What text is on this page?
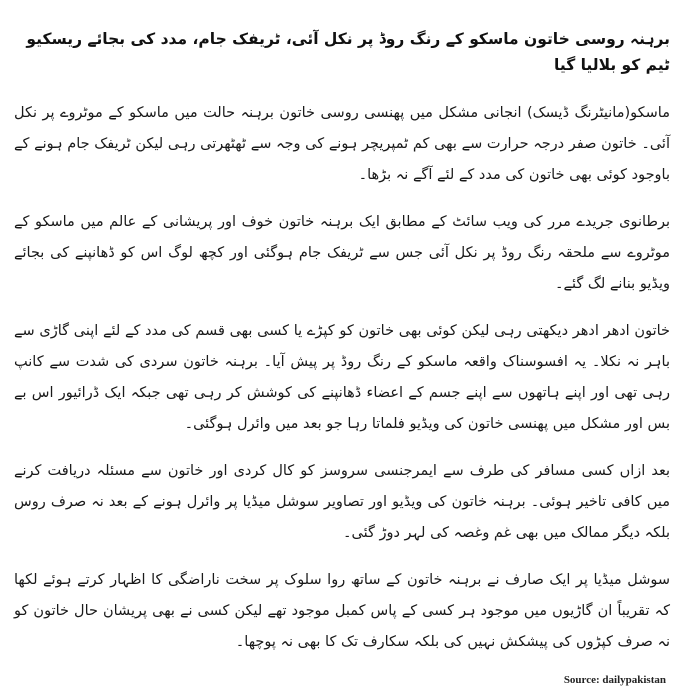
برہنہ روسی خاتون ماسکو کے رنگ روڈ پر نکل آئی، ٹریفک جام، مدد کی بجائے ریسکیو ٹیم کو بلالیا گیا
ماسکو(مانیٹرنگ ڈیسک) انجانی مشکل میں پھنسی روسی خاتون برہنہ حالت میں ماسکو کے موٹروے پر نکل آئی۔ خاتون صفر درجہ حرارت سے بھی کم ٹمپریچر ہونے کی وجہ سے ٹھٹھرتی رہی لیکن ٹریفک جام ہونے کے باوجود کوئی بھی خاتون کی مدد کے لئے آگے نہ بڑھا۔
برطانوی جریدے مرر کی ویب سائٹ کے مطابق ایک برہنہ خاتون خوف اور پریشانی کے عالم میں ماسکو کے موٹروے سے ملحقہ رنگ روڈ پر نکل آئی جس سے ٹریفک جام ہوگئی اور کچھ لوگ اس کو ڈھانپنے کی بجائے ویڈیو بنانے لگ گئے۔
خاتون ادھر ادھر دیکھتی رہی لیکن کوئی بھی خاتون کو کپڑے یا کسی بھی قسم کی مدد کے لئے اپنی گاڑی سے باہر نہ نکلا۔ یہ افسوسناک واقعہ ماسکو کے رنگ روڈ پر پیش آیا۔ برہنہ خاتون سردی کی شدت سے کانپ رہی تھی اور اپنے ہاتھوں سے اپنے جسم کے اعضاء ڈھانپنے کی کوشش کر رہی تھی جبکہ ایک ڈرائیور اس بے بس اور مشکل میں پھنسی خاتون کی ویڈیو فلماتا رہا جو بعد میں وائرل ہوگئی۔
بعد ازاں کسی مسافر کی طرف سے ایمرجنسی سروسز کو کال کردی اور خاتون سے مسئلہ دریافت کرنے میں کافی تاخیر ہوئی۔ برہنہ خاتون کی ویڈیو اور تصاویر سوشل میڈیا پر وائرل ہونے کے بعد نہ صرف روس بلکہ دیگر ممالک میں بھی غم وغصہ کی لہر دوڑ گئی۔
سوشل میڈیا پر ایک صارف نے برہنہ خاتون کے ساتھ روا سلوک پر سخت ناراضگی کا اظہار کرتے ہوئے لکھا کہ تقریباً ان گاڑیوں میں موجود ہر کسی کے پاس کمبل موجود تھے لیکن کسی نے بھی پریشان حال خاتون کو نہ صرف کپڑوں کی پیشکش نہیں کی بلکہ سکارف تک کا بھی نہ پوچھا۔
Source: dailypakistan
